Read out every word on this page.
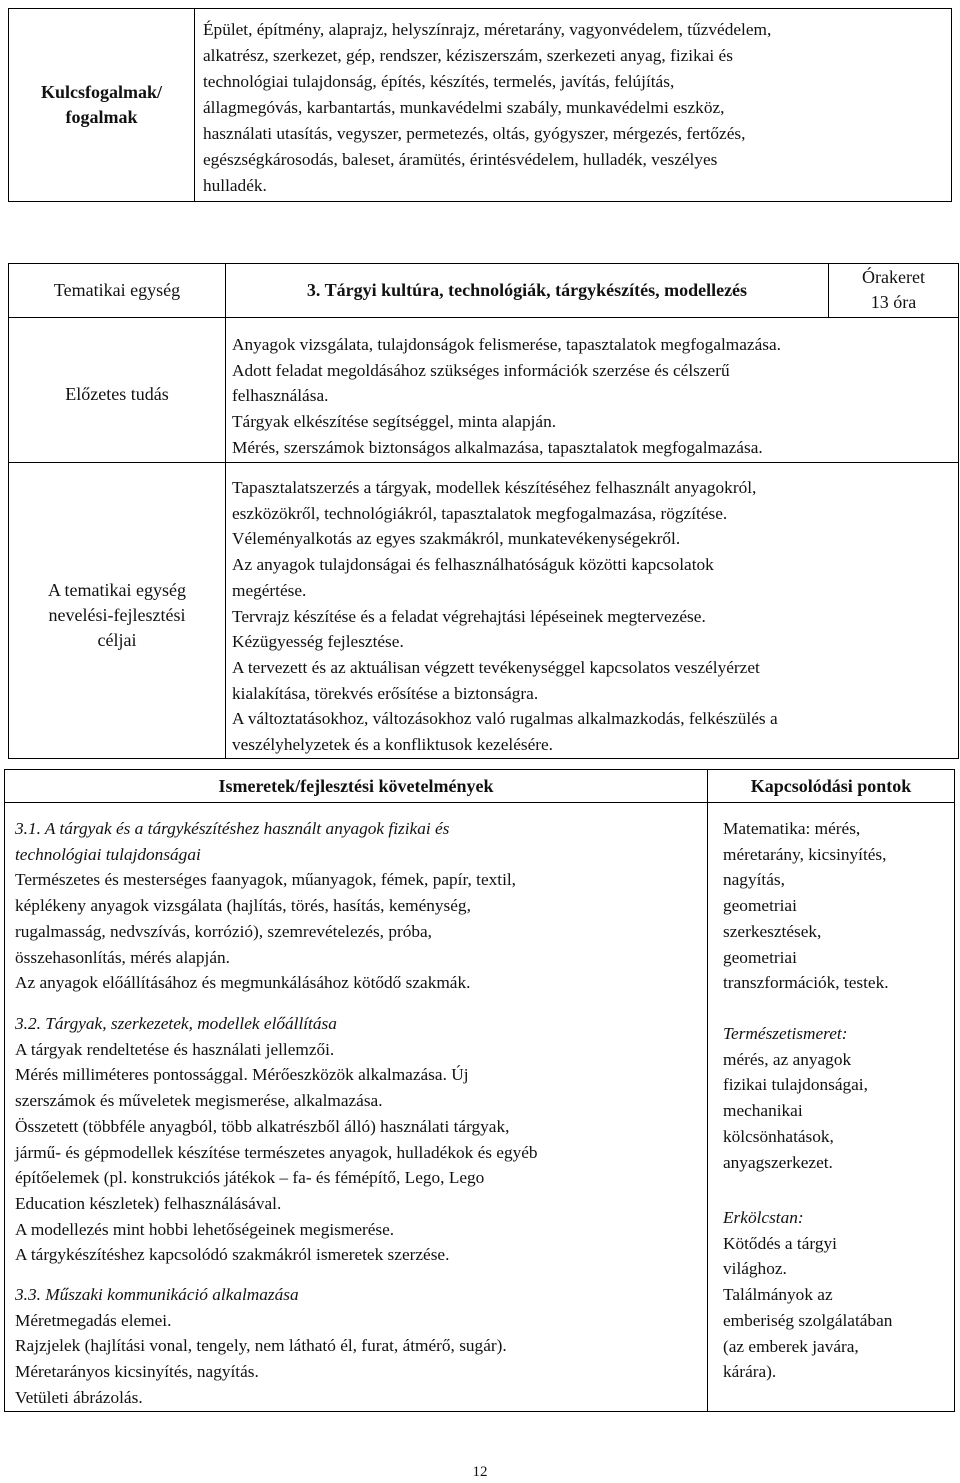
Kulcsfogalmak/
fogalmak
Épület, építmény, alaprajz, helyszínrajz, méretarány, vagyonvédelem, tűzvédelem,
alkatrész, szerkezet, gép, rendszer, kéziszerszám, szerkezeti anyag, fizikai és
technológiai tulajdonság, építés, készítés, termelés, javítás, felújítás,
állagmegóvás, karbantartás, munkavédelmi szabály, munkavédelmi eszköz,
használati utasítás, vegyszer, permetezés, oltás, gyógyszer, mérgezés, fertőzés,
egészségkárosodás, baleset, áramütés, érintésvédelem, hulladék, veszélyes
hulladék.
Tematikai egység	3. Tárgyi kultúra, technológiák, tárgykészítés, modellezés
Órakeret
13 óra
Előzetes tudás
Anyagok vizsgálata, tulajdonságok felismerése, tapasztalatok megfogalmazása.
Adott feladat megoldásához szükséges információk szerzése és célszerű
felhasználása.
Tárgyak elkészítése segítséggel, minta alapján.
Mérés, szerszámok biztonságos alkalmazása, tapasztalatok megfogalmazása.
A tematikai egység
nevelési-fejlesztési
céljai
Tapasztalatszerzés a tárgyak, modellek készítéséhez felhasznált anyagokról,
eszközökről, technológiákról, tapasztalatok megfogalmazása, rögzítése.
Véleményalkotás az egyes szakmákról, munkatevékenységekről.
Az anyagok tulajdonságai és felhasználhatóságuk közötti kapcsolatok
megértése.
Tervrajz készítése és a feladat végrehajtási lépéseinek megtervezése.
Kézügyesség fejlesztése.
A tervezett és az aktuálisan végzett tevékenységgel kapcsolatos veszélyérzet
kialakítása, törekvés erősítése a biztonságra.
A változtatásokhoz, változásokhoz való rugalmas alkalmazkodás, felkészülés a
veszélyhelyzetek és a konfliktusok kezelésére.
Ismeretek/fejlesztési követelmények	Kapcsolódási pontok
3.1. A tárgyak és a tárgykészítéshez használt anyagok fizikai és
technológiai tulajdonságai
Természetes és mesterséges faanyagok, műanyagok, fémek, papír, textil,
képlékeny anyagok vizsgálata (hajlítás, törés, hasítás, keménység,
rugalmasság, nedvszívás, korrózió), szemrevételezés, próba,
összehasonlítás, mérés alapján.
Az anyagok előállításához és megmunkálásához kötődő szakmák.
3.2. Tárgyak, szerkezetek, modellek előállítása
A tárgyak rendeltetése és használati jellemzői.
Mérés milliméteres pontossággal. Mérőeszközök alkalmazása. Új
szerszámok és műveletek megismerése, alkalmazása.
Összetett (többféle anyagból, több alkatrészből álló) használati tárgyak,
jármű- és gépmodellek készítése természetes anyagok, hulladékok és egyéb
építőelemek (pl. konstrukciós játékok – fa- és fémépítő, Lego, Lego
Education készletek) felhasználásával.
A modellezés mint hobbi lehetőségeinek megismerése.
A tárgykészítéshez kapcsolódó szakmákról ismeretek szerzése.
3.3. Műszaki kommunikáció alkalmazása
Méretmegadás elemei.
Rajzjelek (hajlítási vonal, tengely, nem látható él, furat, átmérő, sugár).
Méretarányos kicsinyítés, nagyítás.
Vetületi ábrázolás.
Matematika: mérés,
méretarány, kicsinyítés,
nagyítás,
geometriai
szerkesztések,
geometriai
transzformációk, testek.
Természetismeret:
mérés, az anyagok
fizikai tulajdonságai,
mechanikai
kölcsönhatások,
anyagszerkezet.
Erkölcstan:
Kötődés a tárgyi
világhoz.
Találmányok az
emberiség szolgálatában
(az emberek javára,
kárára).
12
